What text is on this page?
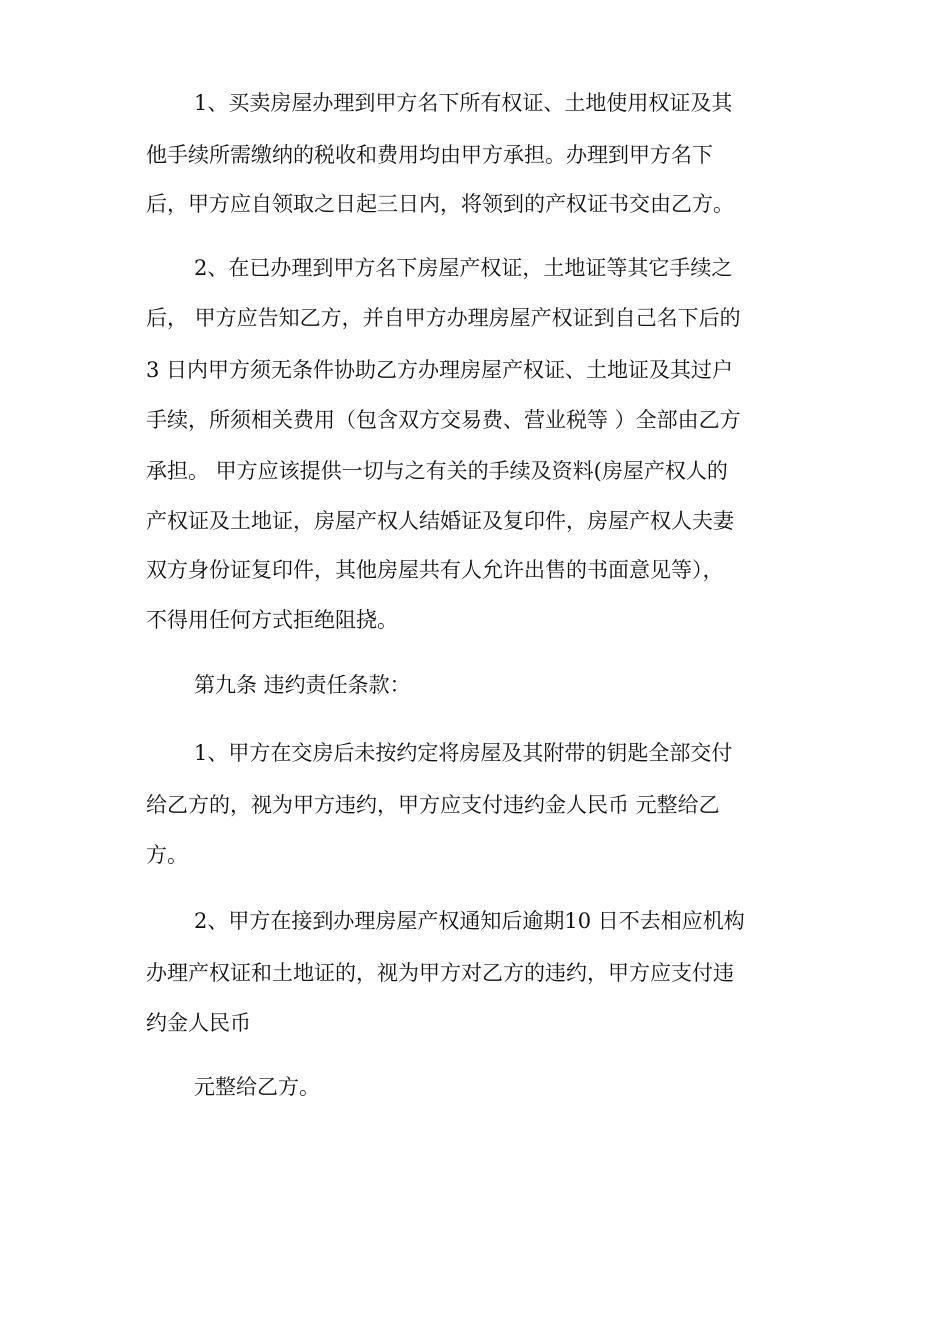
1、买卖房屋办理到甲方名下所有权证、土地使用权证及其
他手续所需缴纳的税收和费用均由甲方承担。办理到甲方名下
后，甲方应自领取之日起三日内，将领到的产权证书交由乙方。
2、在已办理到甲方名下房屋产权证，土地证等其它手续之
后， 甲方应告知乙方，并自甲方办理房屋产权证到自己名下后的
3 日内甲方须无条件协助乙方办理房屋产权证、土地证及其过户
手续，所须相关费用（包含双方交易费、营业税等 ）全部由乙方
承担。 甲方应该提供一切与之有关的手续及资料(房屋产权人的
产权证及土地证，房屋产权人结婚证及复印件，房屋产权人夫妻
双方身份证复印件，其他房屋共有人允许出售的书面意见等），
不得用任何方式拒绝阻挠。
第九条 违约责任条款：
1、甲方在交房后未按约定将房屋及其附带的钥匙全部交付
给乙方的，视为甲方违约，甲方应支付违约金人民币 元整给乙
方。
2、甲方在接到办理房屋产权通知后逾期10 日不去相应机构
办理产权证和土地证的，视为甲方对乙方的违约，甲方应支付违
约金人民币
元整给乙方。
